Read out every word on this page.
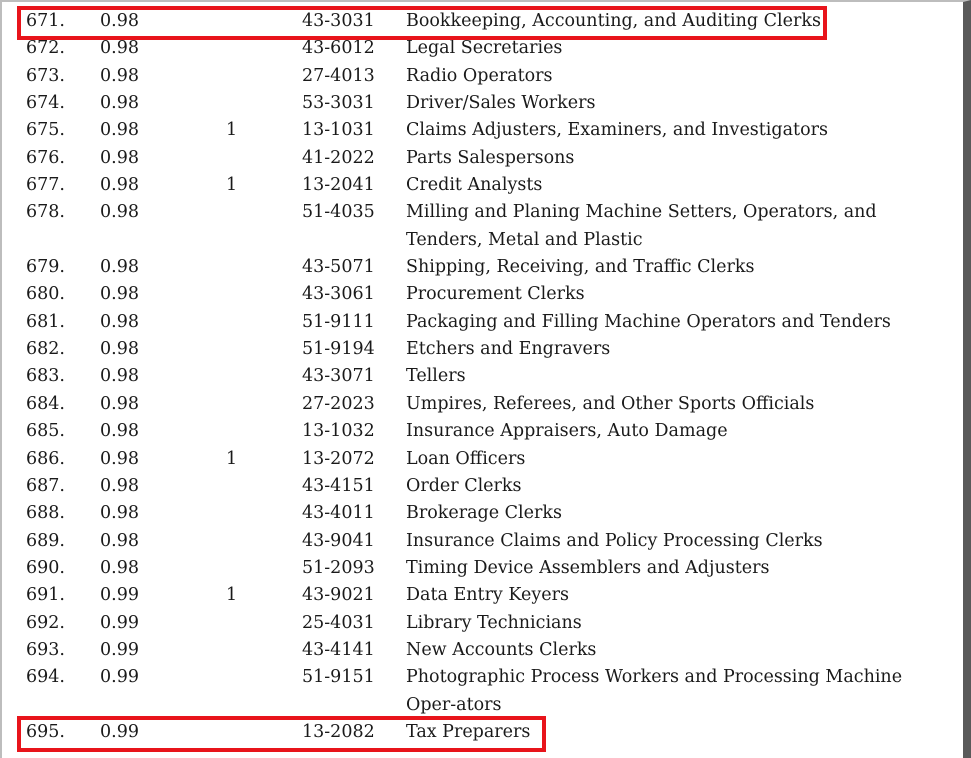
671. 0.98	43-3031 Bookkeeping, Accounting, and Auditing Clerks
672. 0.98	43-6012 Legal Secretaries
673. 0.98	27-4013 Radio Operators
674. 0.98	53-3031 Driver/Sales Workers
675. 0.98	1	13-1031 Claims Adjusters, Examiners, and Investigators
676. 0.98	41-2022 Parts Salespersons
677. 0.98	1	13-2041 Credit Analysts
678. 0.98	51-4035 Milling and Planing Machine Setters, Operators, and Tenders, Metal and Plastic
679. 0.98	43-5071 Shipping, Receiving, and Traffic Clerks
680. 0.98	43-3061 Procurement Clerks
681. 0.98	51-9111 Packaging and Filling Machine Operators and Tenders
682. 0.98	51-9194 Etchers and Engravers
683. 0.98	43-3071 Tellers
684. 0.98	27-2023 Umpires, Referees, and Other Sports Officials
685. 0.98	13-1032 Insurance Appraisers, Auto Damage
686. 0.98	1	13-2072 Loan Officers
687. 0.98	43-4151 Order Clerks
688. 0.98	43-4011 Brokerage Clerks
689. 0.98	43-9041 Insurance Claims and Policy Processing Clerks
690. 0.98	51-2093 Timing Device Assemblers and Adjusters
691. 0.99	1	43-9021 Data Entry Keyers
692. 0.99	25-4031 Library Technicians
693. 0.99	43-4141 New Accounts Clerks
694. 0.99	51-9151 Photographic Process Workers and Processing Machine Oper-ators
695. 0.99	13-2082 Tax Preparers
